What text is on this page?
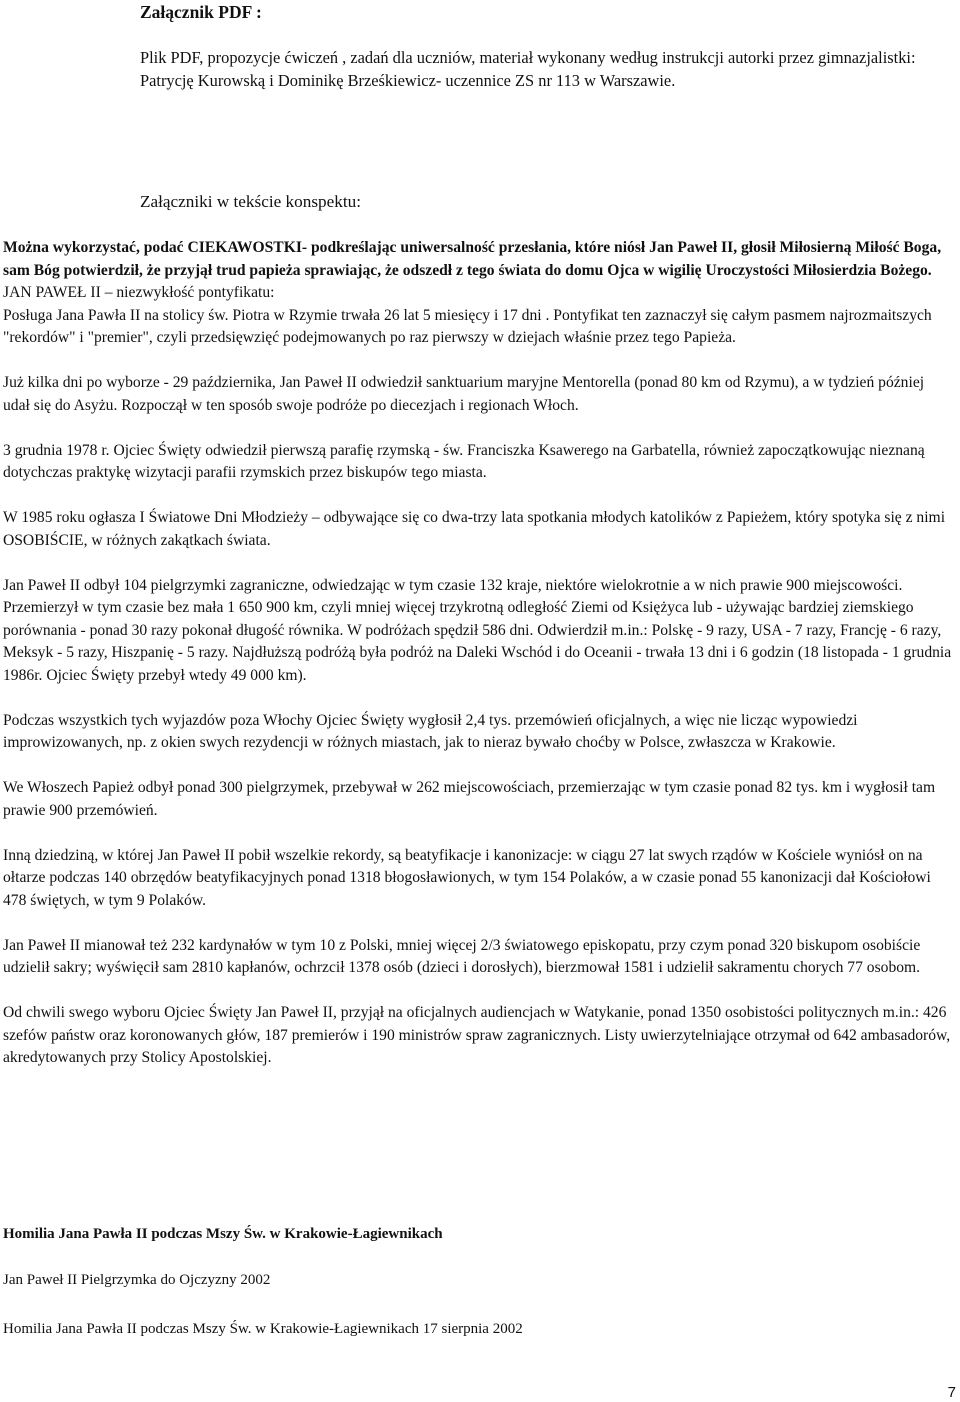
Załącznik PDF :
Plik PDF, propozycje ćwiczeń , zadań dla uczniów, materiał wykonany według instrukcji autorki przez gimnazjalistki: Patrycję Kurowską i Dominikę Brześkiewicz- uczennice ZS nr 113 w Warszawie.
Załączniki w tekście konspektu:

Można wykorzystać, podać CIEKAWOSTKI- podkreślając uniwersalność przesłania, które niósł Jan Paweł II, głosił Miłosierną Miłość Boga, sam Bóg potwierdził, że przyjął trud papieża sprawiając, że odszedł z tego świata do domu Ojca w wigilię Uroczystości Miłosierdzia Bożego.

JAN PAWEŁ II – niezwykłość pontyfikatu:

Posługa Jana Pawła II na stolicy św. Piotra w Rzymie trwała 26 lat 5 miesięcy i 17 dni . Pontyfikat ten zaznaczył się całym pasmem najrozmaitszych "rekordów" i "premier", czyli przedsięwzięć podejmowanych po raz pierwszy w dziejach właśnie przez tego Papieża.

Już kilka dni po wyborze - 29 października, Jan Paweł II odwiedził sanktuarium maryjne Mentorella (ponad 80 km od Rzymu), a w tydzień później udał się do Asyżu. Rozpoczął w ten sposób swoje podróże po diecezjach i regionach Włoch.

3 grudnia 1978 r. Ojciec Święty odwiedził pierwszą parafię rzymską - św. Franciszka Ksawerego na Garbatella, również zapoczątkowując nieznaną dotychczas praktykę wizytacji parafii rzymskich przez biskupów tego miasta.

W 1985 roku ogłasza I Światowe Dni Młodzieży – odbywające się co dwa-trzy lata spotkania młodych katolików z Papieżem, który spotyka się z nimi OSOBIŚCIE, w różnych zakątkach świata.

Jan Paweł II odbył 104 pielgrzymki zagraniczne, odwiedzając w tym czasie 132 kraje, niektóre wielokrotnie a w nich prawie 900 miejscowości. Przemierzył w tym czasie bez mała 1 650 900 km, czyli mniej więcej trzykrotną odległość Ziemi od Księżyca lub - używając bardziej ziemskiego porównania - ponad 30 razy pokonał długość równika. W podróżach spędził 586 dni. Odwierdził m.in.: Polskę - 9 razy, USA - 7 razy, Francję - 6 razy, Meksyk - 5 razy, Hiszpanię - 5 razy. Najdłuższą podróżą była podróż na Daleki Wschód i do Oceanii - trwała 13 dni i 6 godzin (18 listopada - 1 grudnia 1986r. Ojciec Święty przebył wtedy 49 000 km).

Podczas wszystkich tych wyjazdów poza Włochy Ojciec Święty wygłosił 2,4 tys. przemówień oficjalnych, a więc nie licząc wypowiedzi improwizowanych, np. z okien swych rezydencji w różnych miastach, jak to nieraz bywało choćby w Polsce, zwłaszcza w Krakowie.

We Włoszech Papież odbył ponad 300 pielgrzymek, przebywał w 262 miejscowościach, przemierzając w tym czasie ponad 82 tys. km i wygłosił tam prawie 900 przemówień.

Inną dziedziną, w której Jan Paweł II pobił wszelkie rekordy, są beatyfikacje i kanonizacje: w ciągu 27 lat swych rządów w Kościele wyniósł on na ołtarze podczas 140 obrzędów beatyfikacyjnych ponad 1318 błogosławionych, w tym 154 Polaków, a w czasie ponad 55 kanonizacji dał Kościołowi 478 świętych, w tym 9 Polaków.

Jan Paweł II mianował też 232 kardynałów w tym 10 z Polski, mniej więcej 2/3 światowego episkopatu, przy czym ponad 320 biskupom osobiście udzielił sakry; wyświęcił sam 2810 kapłanów, ochrzcił 1378 osób (dzieci i dorosłych), bierzmował 1581 i udzielił sakramentu chorych 77 osobom.

Od chwili swego wyboru Ojciec Święty Jan Paweł II, przyjął na oficjalnych audiencjach w Watykanie, ponad 1350 osobistości politycznych m.in.: 426 szefów państw oraz koronowanych głów, 187 premierów i 190 ministrów spraw zagranicznych. Listy uwierzytelniające otrzymał od 642 ambasadorów, akredytowanych przy Stolicy Apostolskiej.

Homilia Jana Pawła II podczas Mszy Św. w Krakowie-Łagiewnikach
Jan Paweł II Pielgrzymka do Ojczyzny 2002
Homilia Jana Pawła II podczas Mszy Św. w Krakowie-Łagiewnikach 17 sierpnia 2002
7
